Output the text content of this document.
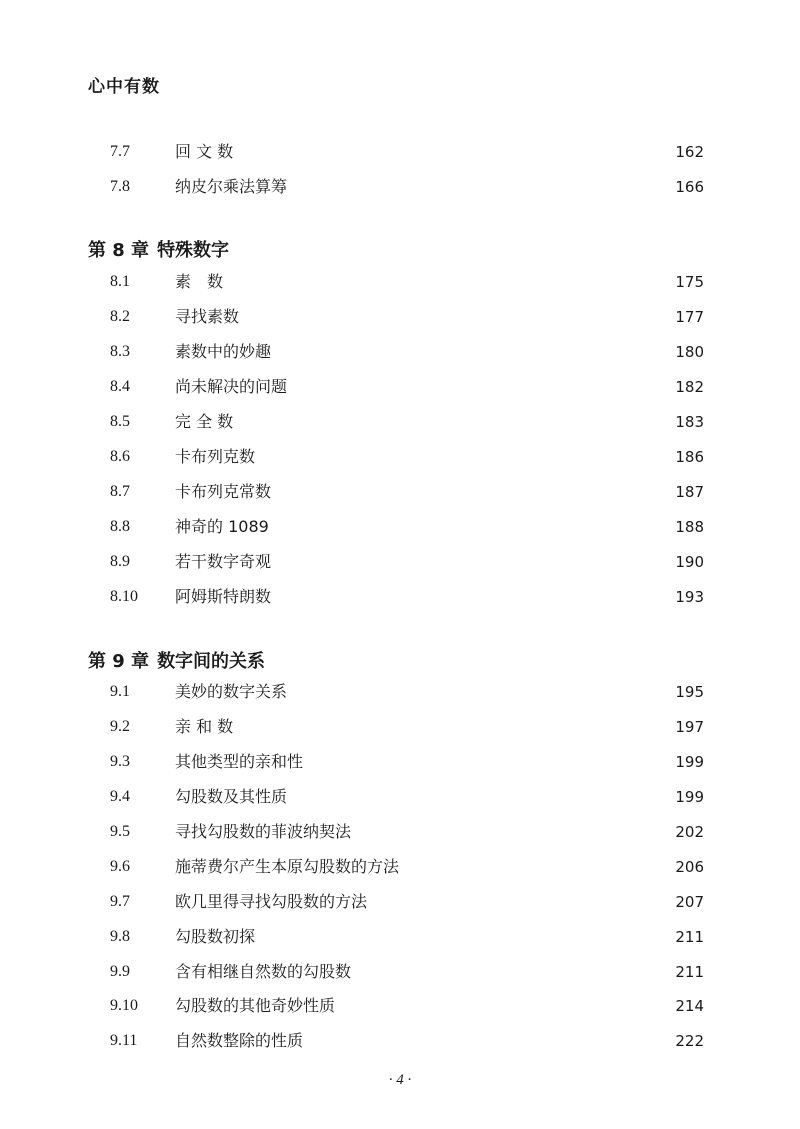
心中有数
7.7	回 文 数	162
7.8	纳皮尔乘法算筹	166
第 8 章 特殊数字
8.1	素　数	175
8.2	寻找素数	177
8.3	素数中的妙趣	180
8.4	尚未解决的问题	182
8.5	完 全 数	183
8.6	卡布列克数	186
8.7	卡布列克常数	187
8.8	神奇的 1089	188
8.9	若干数字奇观	190
8.10 阿姆斯特朗数	193
第 9 章 数字间的关系
9.1	美妙的数字关系	195
9.2	亲 和 数	197
9.3	其他类型的亲和性	199
9.4	勾股数及其性质	199
9.5	寻找勾股数的菲波纳契法	202
9.6	施蒂费尔产生本原勾股数的方法	206
9.7	欧几里得寻找勾股数的方法	207
9.8	勾股数初探	211
9.9	含有相继自然数的勾股数	211
9.10 勾股数的其他奇妙性质	214
9.11 自然数整除的性质	222
· 4 ·
